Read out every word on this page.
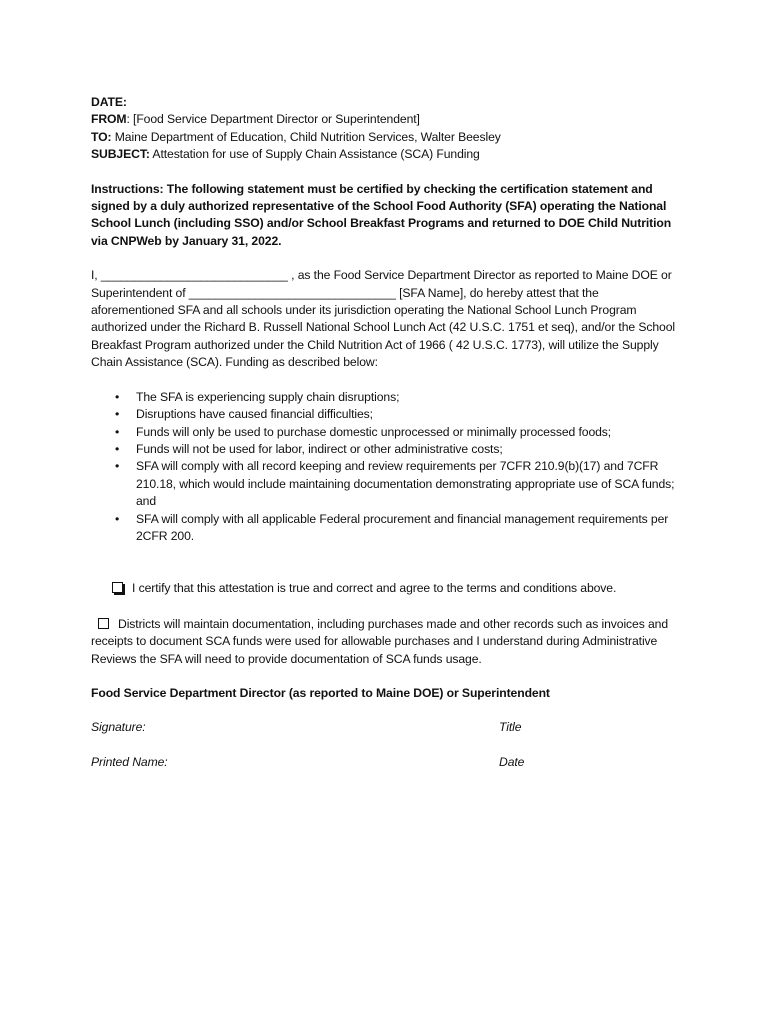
DATE:
FROM: [Food Service Department Director or Superintendent]
TO: Maine Department of Education, Child Nutrition Services, Walter Beesley
SUBJECT: Attestation for use of Supply Chain Assistance (SCA) Funding
Instructions: The following statement must be certified by checking the certification statement and signed by a duly authorized representative of the School Food Authority (SFA) operating the National School Lunch (including SSO) and/or School Breakfast Programs and returned to DOE Child Nutrition via CNPWeb by January 31, 2022.
I, ____________________________ , as the Food Service Department Director as reported to Maine DOE or Superintendent of _______________________________ [SFA Name], do hereby attest that the aforementioned SFA and all schools under its jurisdiction operating the National School Lunch Program authorized under the Richard B. Russell National School Lunch Act (42 U.S.C. 1751 et seq), and/or the School Breakfast Program authorized under the Child Nutrition Act of 1966 ( 42 U.S.C. 1773), will utilize the Supply Chain Assistance (SCA). Funding as described below:
• The SFA is experiencing supply chain disruptions;
• Disruptions have caused financial difficulties;
• Funds will only be used to purchase domestic unprocessed or minimally processed foods;
• Funds will not be used for labor, indirect or other administrative costs;
• SFA will comply with all record keeping and review requirements per 7CFR 210.9(b)(17) and 7CFR 210.18, which would include maintaining documentation demonstrating appropriate use of SCA funds; and
• SFA will comply with all applicable Federal procurement and financial management requirements per 2CFR 200.
I certify that this attestation is true and correct and agree to the terms and conditions above.
Districts will maintain documentation, including purchases made and other records such as invoices and receipts to document SCA funds were used for allowable purchases and I understand during Administrative Reviews the SFA will need to provide documentation of SCA funds usage.
Food Service Department Director (as reported to Maine DOE) or Superintendent
Signature:	Title
Printed Name:	Date
